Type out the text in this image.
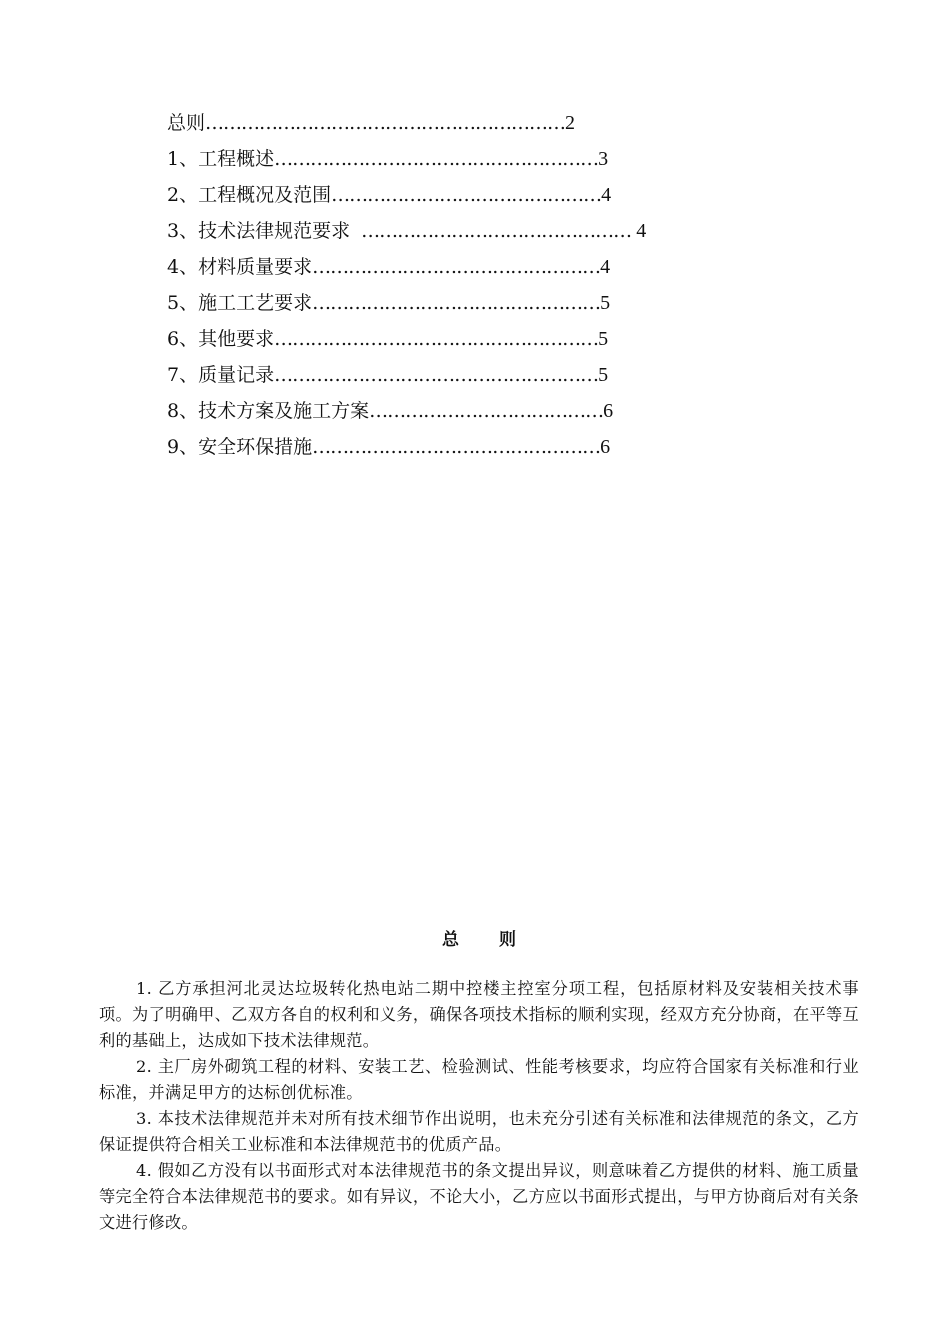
总则 …………………………………………………… 2
1、工程概述 ……………………………………………… 3
2、工程概况及范围 ……………………………………… 4
3、技术法律规范要求 ……………………………………… 4
4、材料质量要求 ………………………………………… 4
5、施工工艺要求 ………………………………………… 5
6、其他要求 ……………………………………………… 5
7、质量记录 ……………………………………………… 5
8、技术方案及施工方案 ………………………………… 6
9、安全环保措施 ………………………………………… 6
总则

1. 乙方承担河北灵达垃圾转化热电站二期中控楼主控室分项工程，包括原材料及安装相关技术事项。为了明确甲、乙双方各自的权利和义务，确保各项技术指标的顺利实现，经双方充分协商，在平等互利的基础上，达成如下技术法律规范。

2. 主厂房外砌筑工程的材料、安装工艺、检验测试、性能考核要求，均应符合国家有关标准和行业标准，并满足甲方的达标创优标准。

3. 本技术法律规范并未对所有技术细节作出说明，也未充分引述有关标准和法律规范的条文，乙方保证提供符合相关工业标准和本法律规范书的优质产品。

4. 假如乙方没有以书面形式对本法律规范书的条文提出异议，则意味着乙方提供的材料、施工质量等完全符合本法律规范书的要求。如有异议，不论大小，乙方应以书面形式提出，与甲方协商后对有关条文进行修改。
